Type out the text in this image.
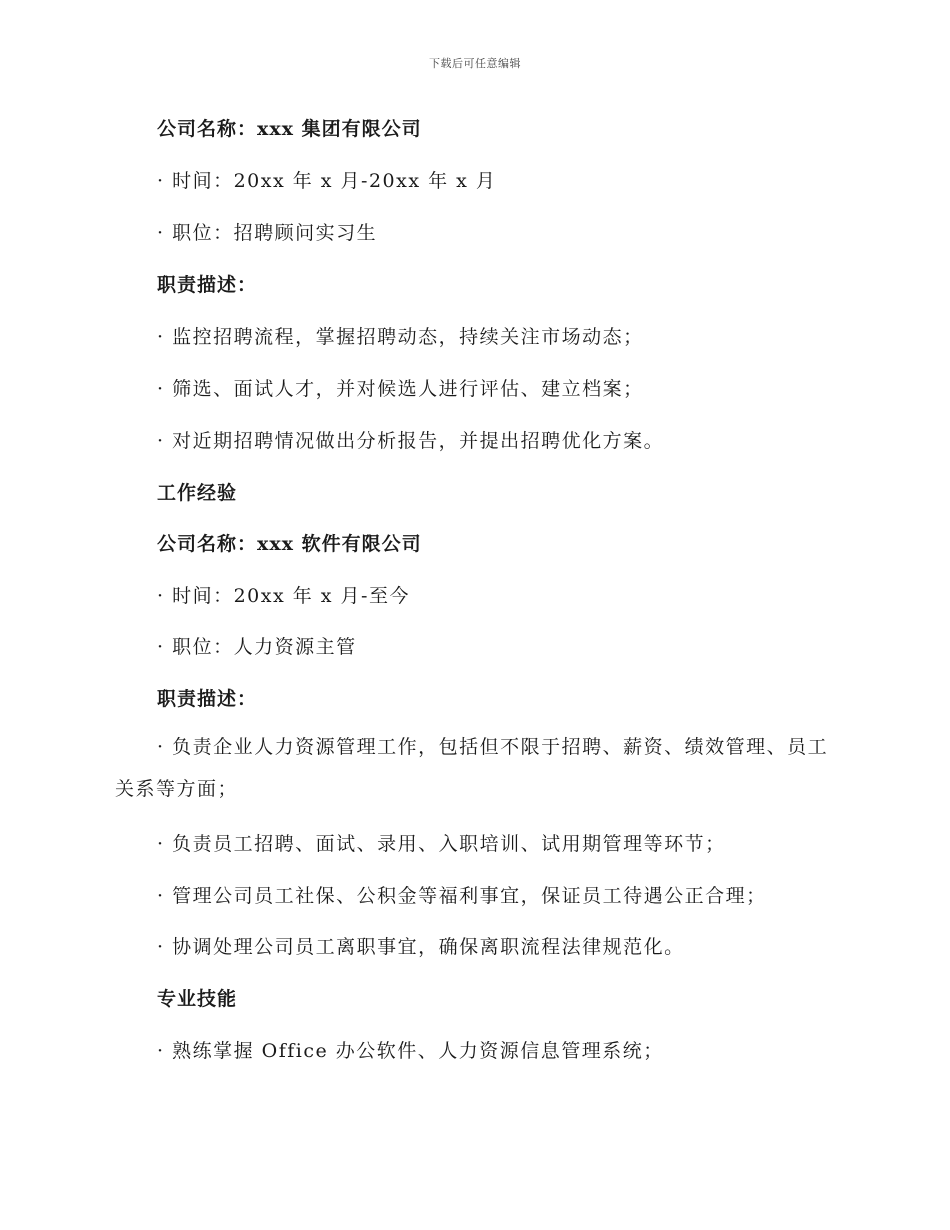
下载后可任意编辑
公司名称：xxx 集团有限公司
· 时间：20xx 年 x 月-20xx 年 x 月
· 职位：招聘顾问实习生
职责描述：
· 监控招聘流程，掌握招聘动态，持续关注市场动态；
· 筛选、面试人才，并对候选人进行评估、建立档案；
· 对近期招聘情况做出分析报告，并提出招聘优化方案。
工作经验
公司名称：xxx 软件有限公司
· 时间：20xx 年 x 月-至今
· 职位：人力资源主管
职责描述：
· 负责企业人力资源管理工作，包括但不限于招聘、薪资、绩效管理、员工关系等方面；
· 负责员工招聘、面试、录用、入职培训、试用期管理等环节；
· 管理公司员工社保、公积金等福利事宜，保证员工待遇公正合理；
· 协调处理公司员工离职事宜，确保离职流程法律规范化。
专业技能
· 熟练掌握 Office 办公软件、人力资源信息管理系统；
